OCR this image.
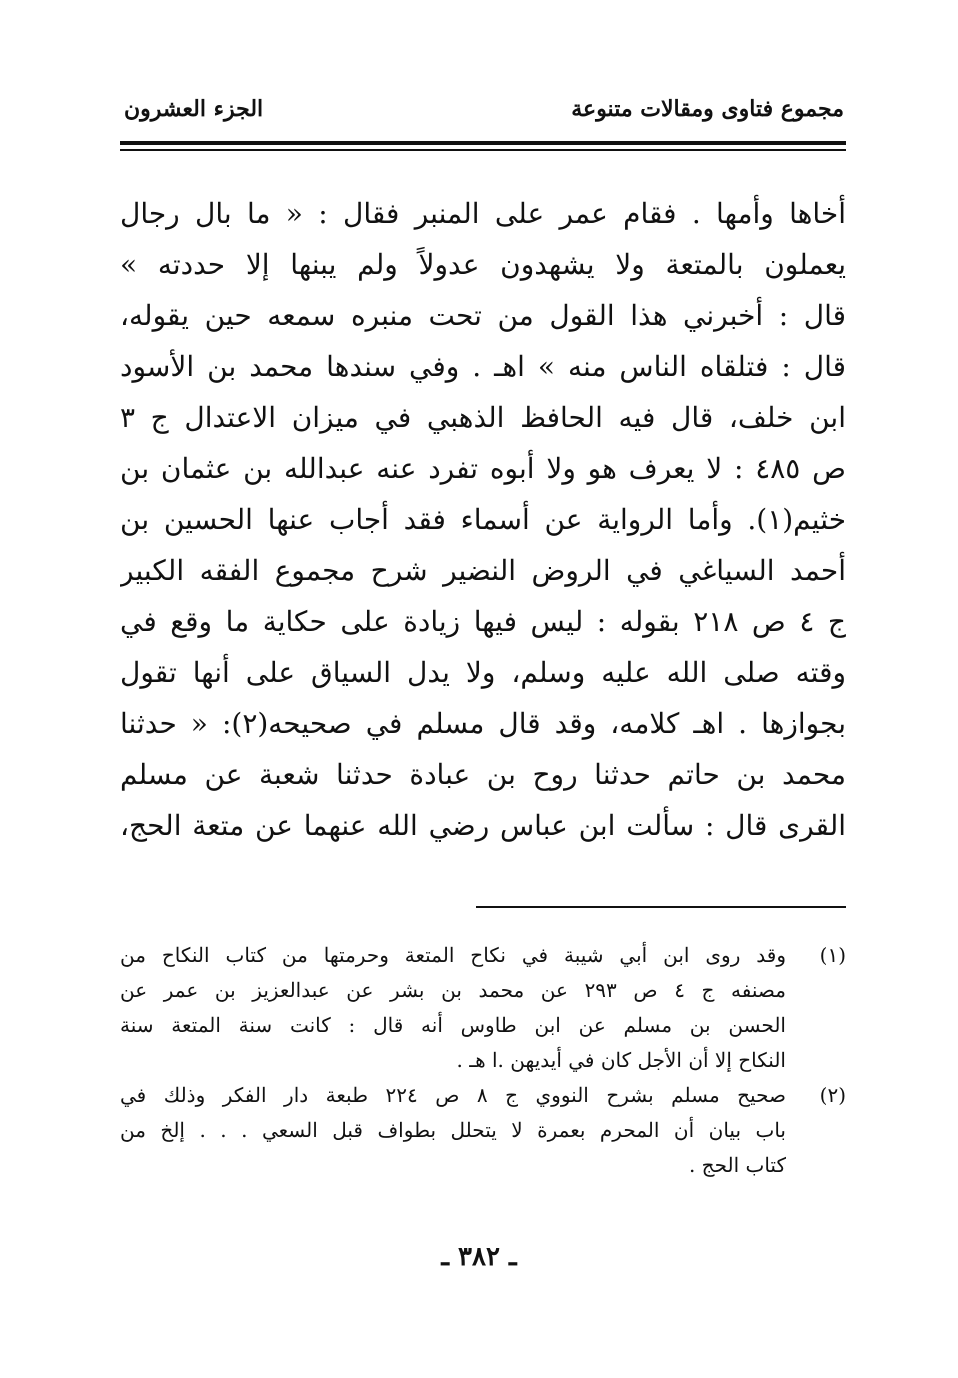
مجموع فتاوى ومقالات متنوعة
الجزء العشرون
أخاها وأمها . فقام عمر على المنبر فقال : « ما بال رجال
يعملون بالمتعة ولا يشهدون عدولاً ولم يبنها إلا حددته »
قال : أخبرني هذا القول من تحت منبره سمعه حين يقوله،
قال : فتلقاه الناس منه » اهـ . وفي سندها محمد بن الأسود
ابن خلف، قال فيه الحافظ الذهبي في ميزان الاعتدال ج ٣
ص ٤٨٥ : لا يعرف هو ولا أبوه تفرد عنه عبدالله بن عثمان بن
خثيم(١). وأما الرواية عن أسماء فقد أجاب عنها الحسين بن
أحمد السياغي في الروض النضير شرح مجموع الفقه الكبير
ج ٤ ص ٢١٨ بقوله : ليس فيها زيادة على حكاية ما وقع في
وقته صلى الله عليه وسلم، ولا يدل السياق على أنها تقول
بجوازها . اهـ كلامه، وقد قال مسلم في صحيحه(٢): « حدثنا
محمد بن حاتم حدثنا روح بن عبادة حدثنا شعبة عن مسلم
القرى قال : سألت ابن عباس رضي الله عنهما عن متعة الحج،
(١)
وقد روى ابن أبي شيبة في نكاح المتعة وحرمتها من كتاب النكاح من
مصنفه ج ٤ ص ٢٩٣ عن محمد بن بشر عن عبدالعزيز بن عمر عن
الحسن بن مسلم عن ابن طاوس أنه قال : كانت سنة المتعة سنة
النكاح إلا أن الأجل كان في أيديهن .ا هـ .
(٢)
صحيح مسلم بشرح النووي ج ٨ ص ٢٢٤ طبعة دار الفكر وذلك في
باب بيان أن المحرم بعمرة لا يتحلل بطواف قبل السعي . . . إلخ من
كتاب الحج .
ـ ٣٨٢ ـ
